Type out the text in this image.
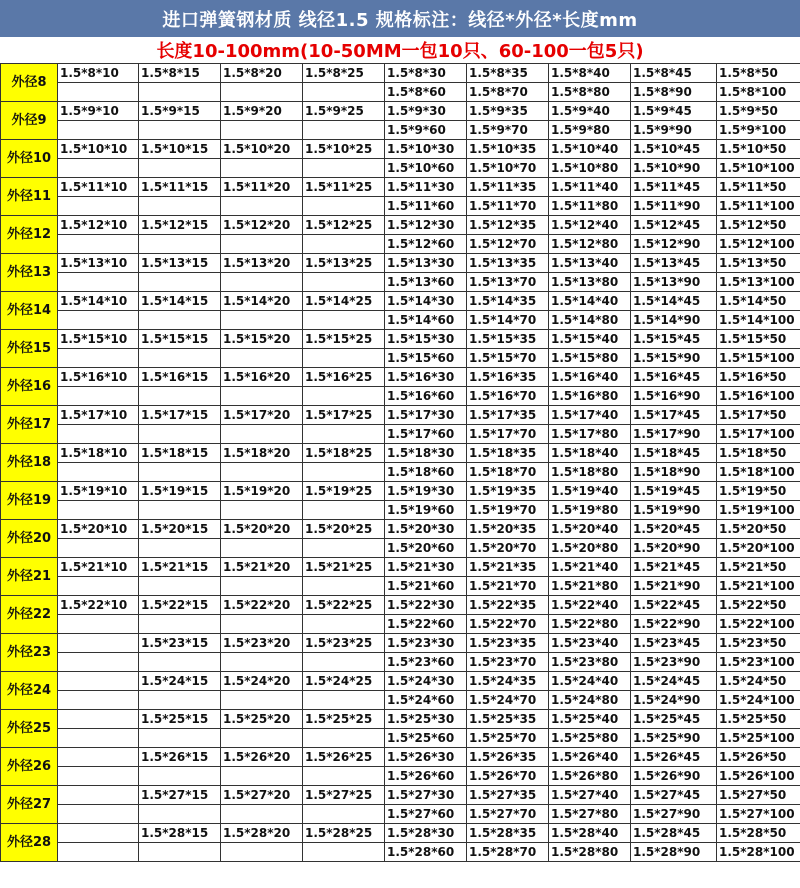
进口弹簧钢材质 线径1.5 规格标注：线径*外径*长度mm
长度10-100mm(10-50MM一包10只、60-100一包5只)
外径8	1.5*8*10	1.5*8*15	1.5*8*20	1.5*8*25	1.5*8*30	1.5*8*35	1.5*8*40	1.5*8*45	1.5*8*50
					1.5*8*60	1.5*8*70	1.5*8*80	1.5*8*90	1.5*8*100
外径9	1.5*9*10	1.5*9*15	1.5*9*20	1.5*9*25	1.5*9*30	1.5*9*35	1.5*9*40	1.5*9*45	1.5*9*50
					1.5*9*60	1.5*9*70	1.5*9*80	1.5*9*90	1.5*9*100
外径10	1.5*10*10	1.5*10*15	1.5*10*20	1.5*10*25	1.5*10*30	1.5*10*35	1.5*10*40	1.5*10*45	1.5*10*50
					1.5*10*60	1.5*10*70	1.5*10*80	1.5*10*90	1.5*10*100
外径11	1.5*11*10	1.5*11*15	1.5*11*20	1.5*11*25	1.5*11*30	1.5*11*35	1.5*11*40	1.5*11*45	1.5*11*50
					1.5*11*60	1.5*11*70	1.5*11*80	1.5*11*90	1.5*11*100
外径12	1.5*12*10	1.5*12*15	1.5*12*20	1.5*12*25	1.5*12*30	1.5*12*35	1.5*12*40	1.5*12*45	1.5*12*50
					1.5*12*60	1.5*12*70	1.5*12*80	1.5*12*90	1.5*12*100
外径13	1.5*13*10	1.5*13*15	1.5*13*20	1.5*13*25	1.5*13*30	1.5*13*35	1.5*13*40	1.5*13*45	1.5*13*50
					1.5*13*60	1.5*13*70	1.5*13*80	1.5*13*90	1.5*13*100
外径14	1.5*14*10	1.5*14*15	1.5*14*20	1.5*14*25	1.5*14*30	1.5*14*35	1.5*14*40	1.5*14*45	1.5*14*50
					1.5*14*60	1.5*14*70	1.5*14*80	1.5*14*90	1.5*14*100
外径15	1.5*15*10	1.5*15*15	1.5*15*20	1.5*15*25	1.5*15*30	1.5*15*35	1.5*15*40	1.5*15*45	1.5*15*50
					1.5*15*60	1.5*15*70	1.5*15*80	1.5*15*90	1.5*15*100
外径16	1.5*16*10	1.5*16*15	1.5*16*20	1.5*16*25	1.5*16*30	1.5*16*35	1.5*16*40	1.5*16*45	1.5*16*50
					1.5*16*60	1.5*16*70	1.5*16*80	1.5*16*90	1.5*16*100
外径17	1.5*17*10	1.5*17*15	1.5*17*20	1.5*17*25	1.5*17*30	1.5*17*35	1.5*17*40	1.5*17*45	1.5*17*50
					1.5*17*60	1.5*17*70	1.5*17*80	1.5*17*90	1.5*17*100
外径18	1.5*18*10	1.5*18*15	1.5*18*20	1.5*18*25	1.5*18*30	1.5*18*35	1.5*18*40	1.5*18*45	1.5*18*50
					1.5*18*60	1.5*18*70	1.5*18*80	1.5*18*90	1.5*18*100
外径19	1.5*19*10	1.5*19*15	1.5*19*20	1.5*19*25	1.5*19*30	1.5*19*35	1.5*19*40	1.5*19*45	1.5*19*50
					1.5*19*60	1.5*19*70	1.5*19*80	1.5*19*90	1.5*19*100
外径20	1.5*20*10	1.5*20*15	1.5*20*20	1.5*20*25	1.5*20*30	1.5*20*35	1.5*20*40	1.5*20*45	1.5*20*50
					1.5*20*60	1.5*20*70	1.5*20*80	1.5*20*90	1.5*20*100
外径21	1.5*21*10	1.5*21*15	1.5*21*20	1.5*21*25	1.5*21*30	1.5*21*35	1.5*21*40	1.5*21*45	1.5*21*50
					1.5*21*60	1.5*21*70	1.5*21*80	1.5*21*90	1.5*21*100
外径22	1.5*22*10	1.5*22*15	1.5*22*20	1.5*22*25	1.5*22*30	1.5*22*35	1.5*22*40	1.5*22*45	1.5*22*50
					1.5*22*60	1.5*22*70	1.5*22*80	1.5*22*90	1.5*22*100
外径23		1.5*23*15	1.5*23*20	1.5*23*25	1.5*23*30	1.5*23*35	1.5*23*40	1.5*23*45	1.5*23*50
					1.5*23*60	1.5*23*70	1.5*23*80	1.5*23*90	1.5*23*100
外径24		1.5*24*15	1.5*24*20	1.5*24*25	1.5*24*30	1.5*24*35	1.5*24*40	1.5*24*45	1.5*24*50
					1.5*24*60	1.5*24*70	1.5*24*80	1.5*24*90	1.5*24*100
外径25		1.5*25*15	1.5*25*20	1.5*25*25	1.5*25*30	1.5*25*35	1.5*25*40	1.5*25*45	1.5*25*50
					1.5*25*60	1.5*25*70	1.5*25*80	1.5*25*90	1.5*25*100
外径26		1.5*26*15	1.5*26*20	1.5*26*25	1.5*26*30	1.5*26*35	1.5*26*40	1.5*26*45	1.5*26*50
					1.5*26*60	1.5*26*70	1.5*26*80	1.5*26*90	1.5*26*100
外径27		1.5*27*15	1.5*27*20	1.5*27*25	1.5*27*30	1.5*27*35	1.5*27*40	1.5*27*45	1.5*27*50
					1.5*27*60	1.5*27*70	1.5*27*80	1.5*27*90	1.5*27*100
外径28		1.5*28*15	1.5*28*20	1.5*28*25	1.5*28*30	1.5*28*35	1.5*28*40	1.5*28*45	1.5*28*50
					1.5*28*60	1.5*28*70	1.5*28*80	1.5*28*90	1.5*28*100
